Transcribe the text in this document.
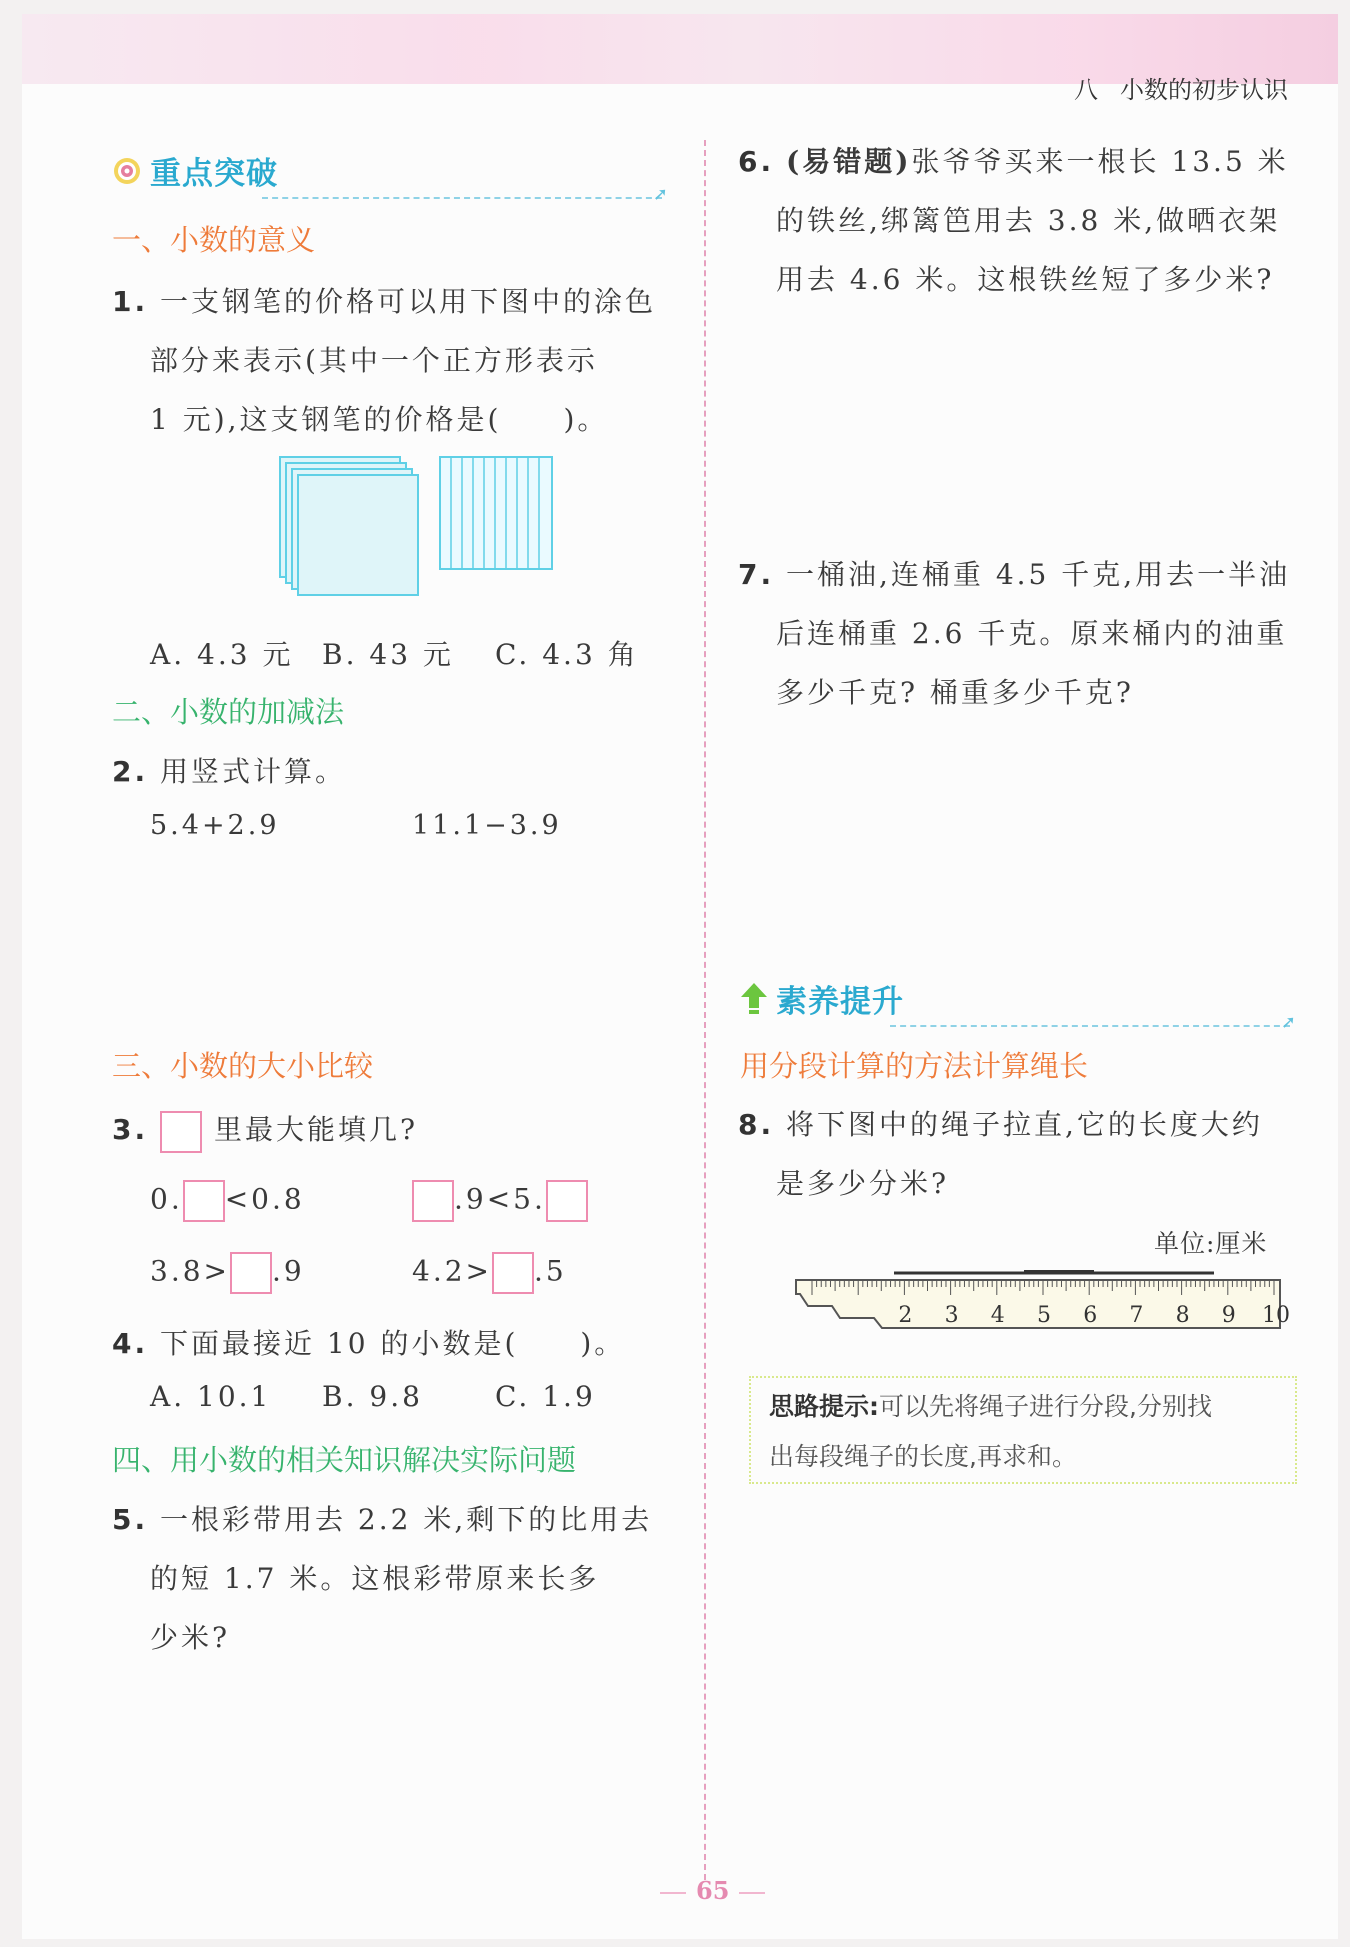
八 小数的初步认识
重点突破
➚
一、小数的意义
1. 一支钢笔的价格可以用下图中的涂色
部分来表示(其中一个正方形表示
1 元),这支钢笔的价格是(　　)。
A. 4.3 元 B. 43 元 C. 4.3 角
二、小数的加减法
2. 用竖式计算。
5.4+2.9	11.1−3.9
三、小数的大小比较
3. 里最大能填几?
0. <0.8	.9<5.
3.8> .9	4.2> .5
4. 下面最接近 10 的小数是(　　)。
A. 10.1 B. 9.8	C. 1.9
四、用小数的相关知识解决实际问题
5. 一根彩带用去 2.2 米,剩下的比用去
的短 1.7 米。这根彩带原来长多
少米?
6. (易错题)张爷爷买来一根长 13.5 米
的铁丝,绑篱笆用去 3.8 米,做晒衣架
用去 4.6 米。这根铁丝短了多少米?
7. 一桶油,连桶重 4.5 千克,用去一半油
后连桶重 2.6 千克。原来桶内的油重
多少千克? 桶重多少千克?
素养提升
➚
用分段计算的方法计算绳长
8. 将下图中的绳子拉直,它的长度大约
是多少分米?
单位:厘米
2 3 4 5 6 7 8 9 10
思路提示:可以先将绳子进行分段,分别找
出每段绳子的长度,再求和。
65
